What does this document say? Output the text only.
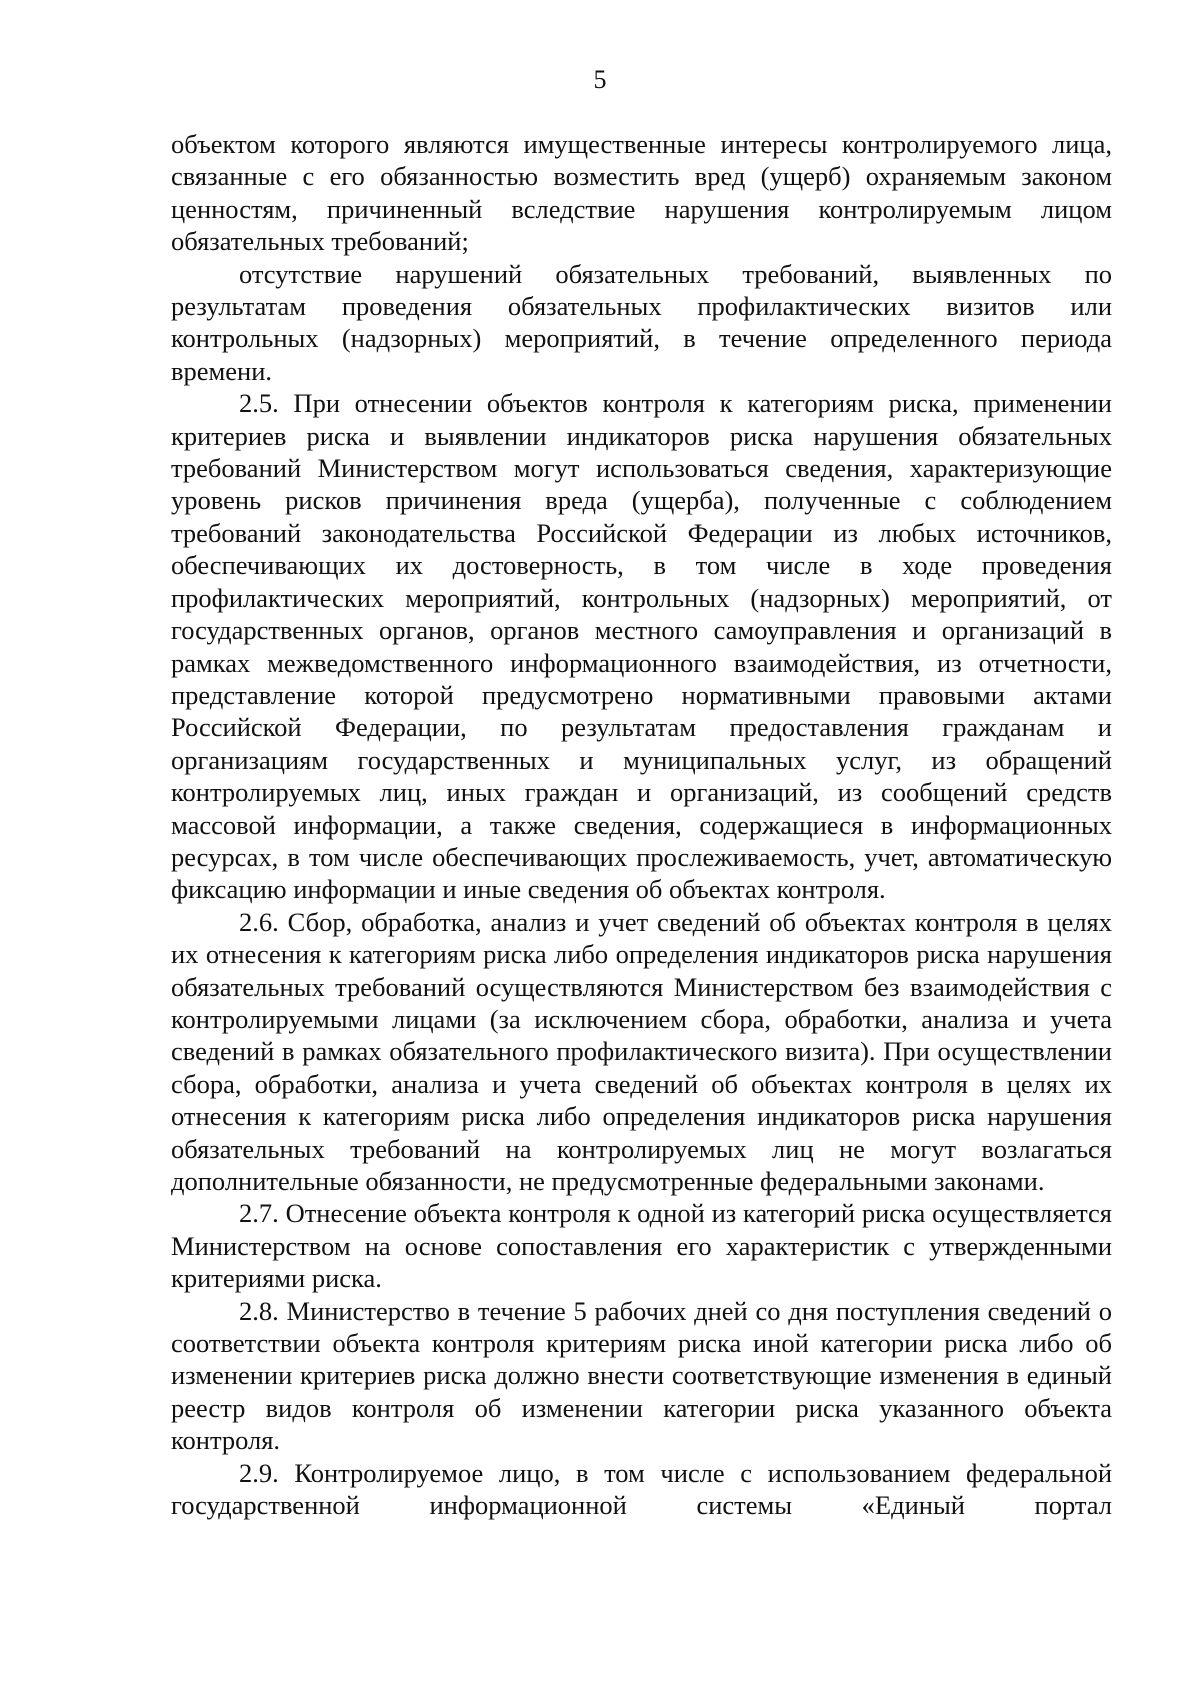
5

объектом которого являются имущественные интересы контролируемого лица, связанные с его обязанностью возместить вред (ущерб) охраняемым законом ценностям, причиненный вследствие нарушения контролируемым лицом обязательных требований;

отсутствие нарушений обязательных требований, выявленных по результатам проведения обязательных профилактических визитов или контрольных (надзорных) мероприятий, в течение определенного периода времени.

2.5. При отнесении объектов контроля к категориям риска, применении критериев риска и выявлении индикаторов риска нарушения обязательных требований Министерством могут использоваться сведения, характеризующие уровень рисков причинения вреда (ущерба), полученные с соблюдением требований законодательства Российской Федерации из любых источников, обеспечивающих их достоверность, в том числе в ходе проведения профилактических мероприятий, контрольных (надзорных) мероприятий, от государственных органов, органов местного самоуправления и организаций в рамках межведомственного информационного взаимодействия, из отчетности, представление которой предусмотрено нормативными правовыми актами Российской Федерации, по результатам предоставления гражданам и организациям государственных и муниципальных услуг, из обращений контролируемых лиц, иных граждан и организаций, из сообщений средств массовой информации, а также сведения, содержащиеся в информационных ресурсах, в том числе обеспечивающих прослеживаемость, учет, автоматическую фиксацию информации и иные сведения об объектах контроля.

2.6. Сбор, обработка, анализ и учет сведений об объектах контроля в целях их отнесения к категориям риска либо определения индикаторов риска нарушения обязательных требований осуществляются Министерством без взаимодействия с контролируемыми лицами (за исключением сбора, обработки, анализа и учета сведений в рамках обязательного профилактического визита). При осуществлении сбора, обработки, анализа и учета сведений об объектах контроля в целях их отнесения к категориям риска либо определения индикаторов риска нарушения обязательных требований на контролируемых лиц не могут возлагаться дополнительные обязанности, не предусмотренные федеральными законами.

2.7. Отнесение объекта контроля к одной из категорий риска осуществляется Министерством на основе сопоставления его характеристик с утвержденными критериями риска.

2.8. Министерство в течение 5 рабочих дней со дня поступления сведений о соответствии объекта контроля критериям риска иной категории риска либо об изменении критериев риска должно внести соответствующие изменения в единый реестр видов контроля об изменении категории риска указанного объекта контроля.

2.9. Контролируемое лицо, в том числе с использованием федеральной государственной информационной системы «Единый портал
